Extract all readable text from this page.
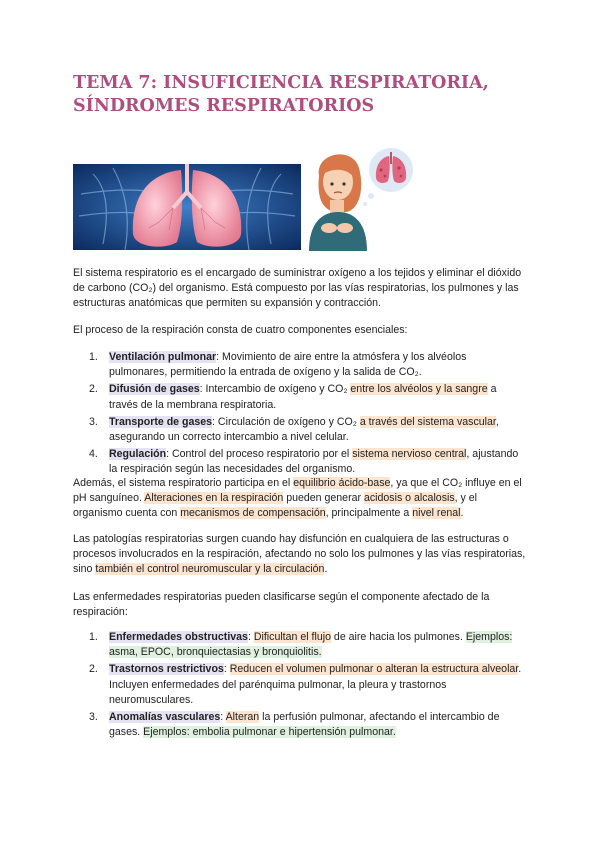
TEMA 7: INSUFICIENCIA RESPIRATORIA,
SÍNDROMES RESPIRATORIOS

El sistema respiratorio es el encargado de suministrar oxígeno a los tejidos y eliminar el dióxido de carbono (CO₂) del organismo. Está compuesto por las vías respiratorias, los pulmones y las estructuras anatómicas que permiten su expansión y contracción.

El proceso de la respiración consta de cuatro componentes esenciales:

1. Ventilación pulmonar: Movimiento de aire entre la atmósfera y los alvéolos pulmonares, permitiendo la entrada de oxígeno y la salida de CO₂.
2. Difusión de gases: Intercambio de oxígeno y CO₂ entre los alvéolos y la sangre a través de la membrana respiratoria.
3. Transporte de gases: Circulación de oxígeno y CO₂ a través del sistema vascular, asegurando un correcto intercambio a nivel celular.
4. Regulación: Control del proceso respiratorio por el sistema nervioso central, ajustando la respiración según las necesidades del organismo.

Además, el sistema respiratorio participa en el equilibrio ácido-base, ya que el CO₂ influye en el pH sanguíneo. Alteraciones en la respiración pueden generar acidosis o alcalosis, y el organismo cuenta con mecanismos de compensación, principalmente a nivel renal.

Las patologías respiratorias surgen cuando hay disfunción en cualquiera de las estructuras o procesos involucrados en la respiración, afectando no solo los pulmones y las vías respiratorias, sino también el control neuromuscular y la circulación.

Las enfermedades respiratorias pueden clasificarse según el componente afectado de la respiración:

1. Enfermedades obstructivas: Dificultan el flujo de aire hacia los pulmones. Ejemplos: asma, EPOC, bronquiectasias y bronquiolitis.
2. Trastornos restrictivos: Reducen el volumen pulmonar o alteran la estructura alveolar. Incluyen enfermedades del parénquima pulmonar, la pleura y trastornos neuromusculares.
3. Anomalías vasculares: Alteran la perfusión pulmonar, afectando el intercambio de gases. Ejemplos: embolia pulmonar e hipertensión pulmonar.
